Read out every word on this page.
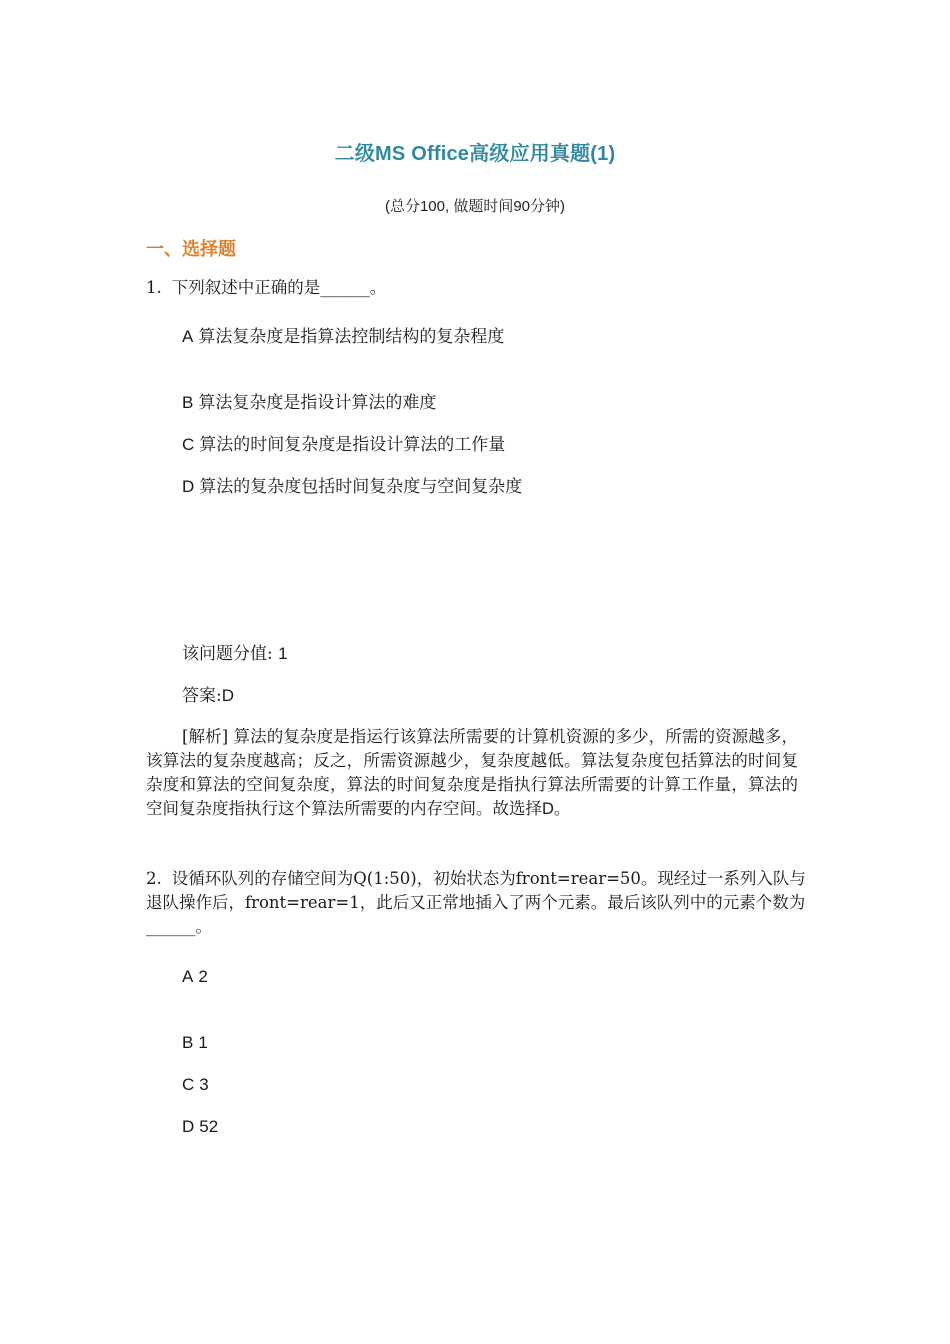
二级MS Office高级应用真题(1)
(总分100, 做题时间90分钟)
一、选择题
1. 下列叙述中正确的是______。
A 算法复杂度是指算法控制结构的复杂程度
B 算法复杂度是指设计算法的难度
C 算法的时间复杂度是指设计算法的工作量
D 算法的复杂度包括时间复杂度与空间复杂度
该问题分值: 1
答案:D
[解析] 算法的复杂度是指运行该算法所需要的计算机资源的多少，所需的资源越多，该算法的复杂度越高；反之，所需资源越少，复杂度越低。算法复杂度包括算法的时间复杂度和算法的空间复杂度，算法的时间复杂度是指执行算法所需要的计算工作量，算法的空间复杂度指执行这个算法所需要的内存空间。故选择D。
2. 设循环队列的存储空间为Q(1:50)，初始状态为front=rear=50。现经过一系列入队与退队操作后，front=rear=1，此后又正常地插入了两个元素。最后该队列中的元素个数为______。
A 2
B 1
C 3
D 52
